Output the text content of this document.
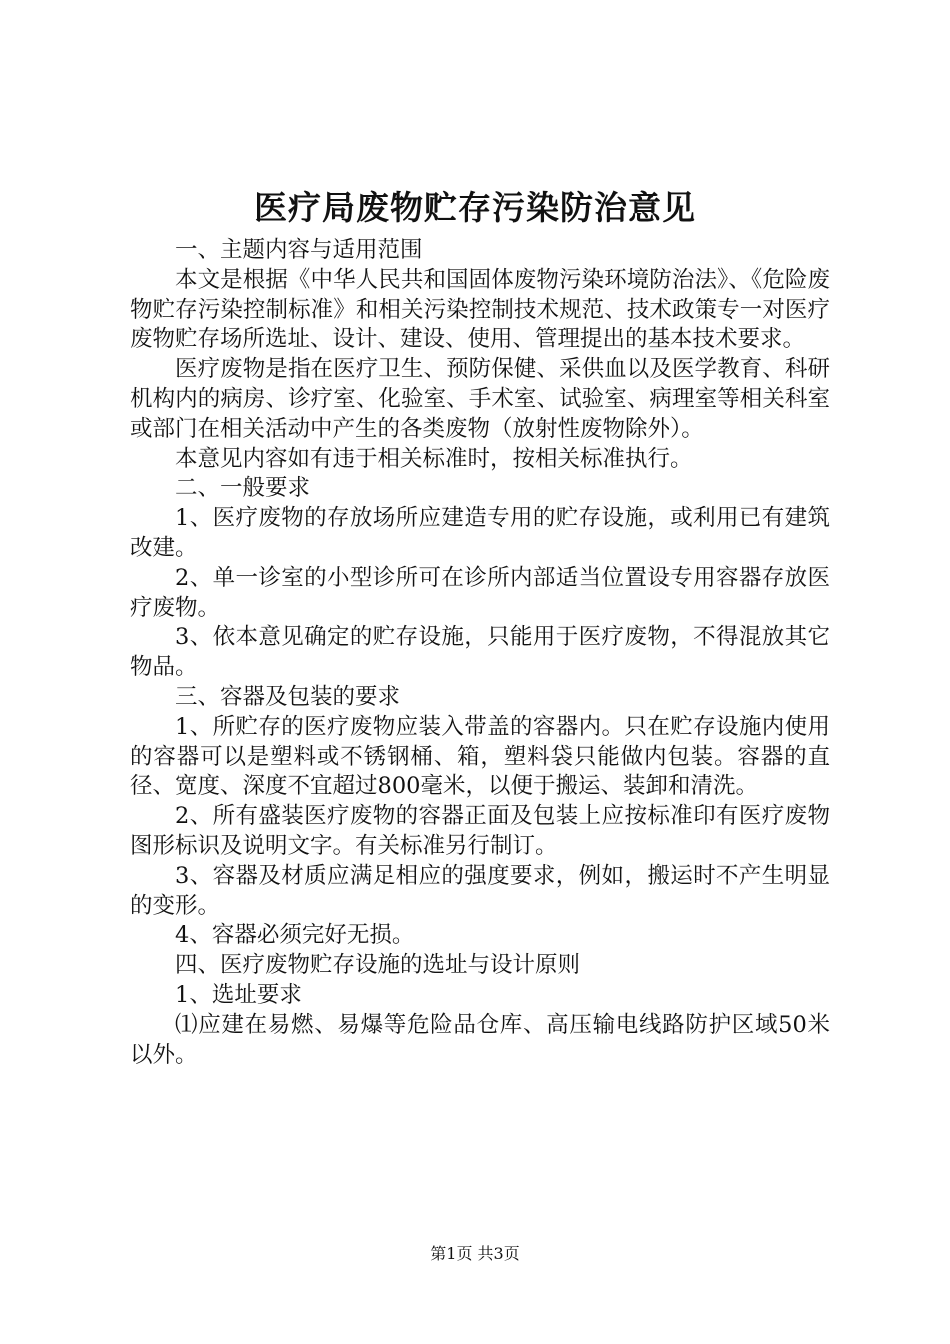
医疗局废物贮存污染防治意见

一、主题内容与适用范围

本文是根据《中华人民共和国固体废物污染环境防治法》、《危险废物贮存污染控制标准》和相关污染控制技术规范、技术政策专一对医疗废物贮存场所选址、设计、建设、使用、管理提出的基本技术要求。

医疗废物是指在医疗卫生、预防保健、采供血以及医学教育、科研机构内的病房、诊疗室、化验室、手术室、试验室、病理室等相关科室或部门在相关活动中产生的各类废物（放射性废物除外）。

本意见内容如有违于相关标准时，按相关标准执行。

二、一般要求

1、医疗废物的存放场所应建造专用的贮存设施，或利用已有建筑改建。

2、单一诊室的小型诊所可在诊所内部适当位置设专用容器存放医疗废物。

3、依本意见确定的贮存设施，只能用于医疗废物，不得混放其它物品。

三、容器及包装的要求

1、所贮存的医疗废物应装入带盖的容器内。只在贮存设施内使用的容器可以是塑料或不锈钢桶、箱，塑料袋只能做内包装。容器的直径、宽度、深度不宜超过800毫米，以便于搬运、装卸和清洗。

2、所有盛装医疗废物的容器正面及包装上应按标准印有医疗废物图形标识及说明文字。有关标准另行制订。

3、容器及材质应满足相应的强度要求，例如，搬运时不产生明显的变形。

4、容器必须完好无损。

四、医疗废物贮存设施的选址与设计原则

1、选址要求

⑴应建在易燃、易爆等危险品仓库、高压输电线路防护区域50米以外。

第1页 共3页
